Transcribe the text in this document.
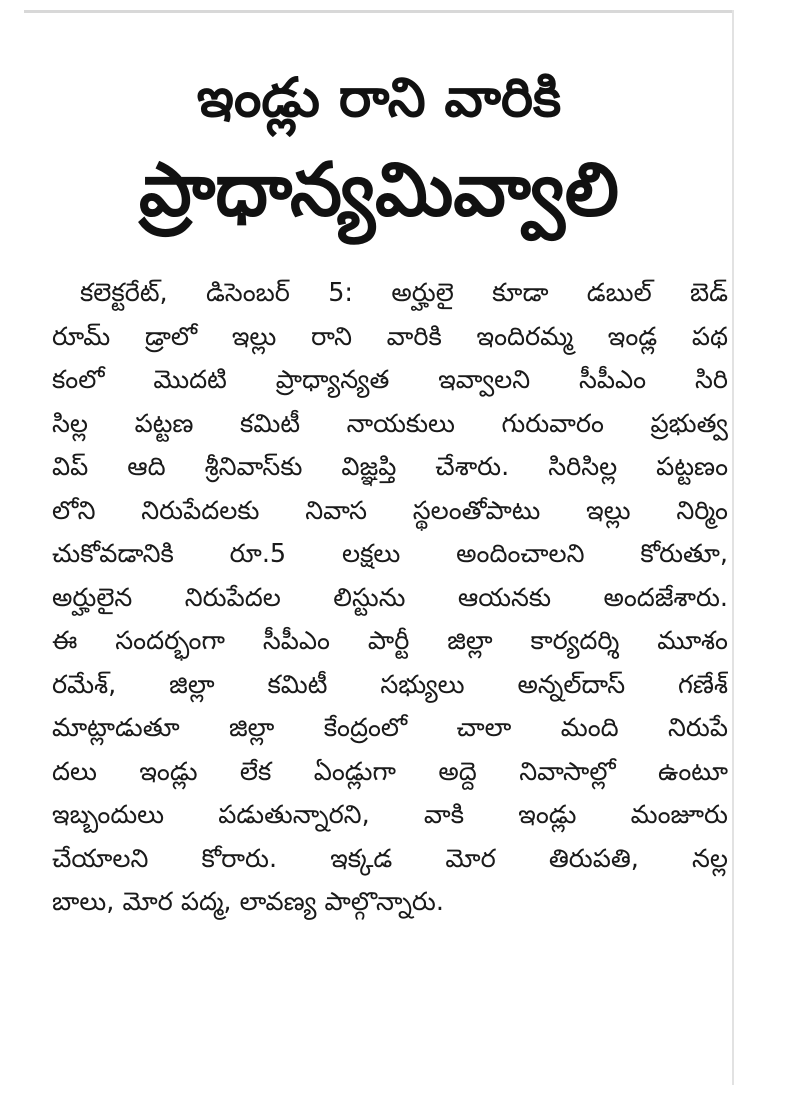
ఇండ్లు రాని వారికి
ప్రాధాన్యమివ్వాలి
కలెక్టరేట్, డిసెంబర్ 5: అర్హులై కూడా డబుల్ బెడ్
రూమ్ డ్రాలో ఇల్లు రాని వారికి ఇందిరమ్మ ఇండ్ల పథ
కంలో మొదటి ప్రాధ్యాన్యత ఇవ్వాలని సీపీఎం సిరి
సిల్ల పట్టణ కమిటీ నాయకులు గురువారం ప్రభుత్వ
విప్ ఆది శ్రీనివాస్‌కు విజ్ఞప్తి చేశారు. సిరిసిల్ల పట్టణం
లోని నిరుపేదలకు నివాస స్థలంతోపాటు ఇల్లు నిర్మిం
చుకోవడానికి రూ.5 లక్షలు అందించాలని కోరుతూ,
అర్హులైన నిరుపేదల లిస్టును ఆయనకు అందజేశారు.
ఈ సందర్భంగా సీపీఎం పార్టీ జిల్లా కార్యదర్శి మూశం
రమేశ్, జిల్లా కమిటీ సభ్యులు అన్నల్‌దాస్ గణేశ్
మాట్లాడుతూ జిల్లా కేంద్రంలో చాలా మంది నిరుపే
దలు ఇండ్లు లేక ఏండ్లుగా అద్దె నివాసాల్లో ఉంటూ
ఇబ్బందులు పడుతున్నారని, వాకి ఇండ్లు మంజూరు
చేయాలని కోరారు. ఇక్కడ మోర తిరుపతి, నల్ల
బాలు, మోర పద్మ, లావణ్య పాల్గొన్నారు.
